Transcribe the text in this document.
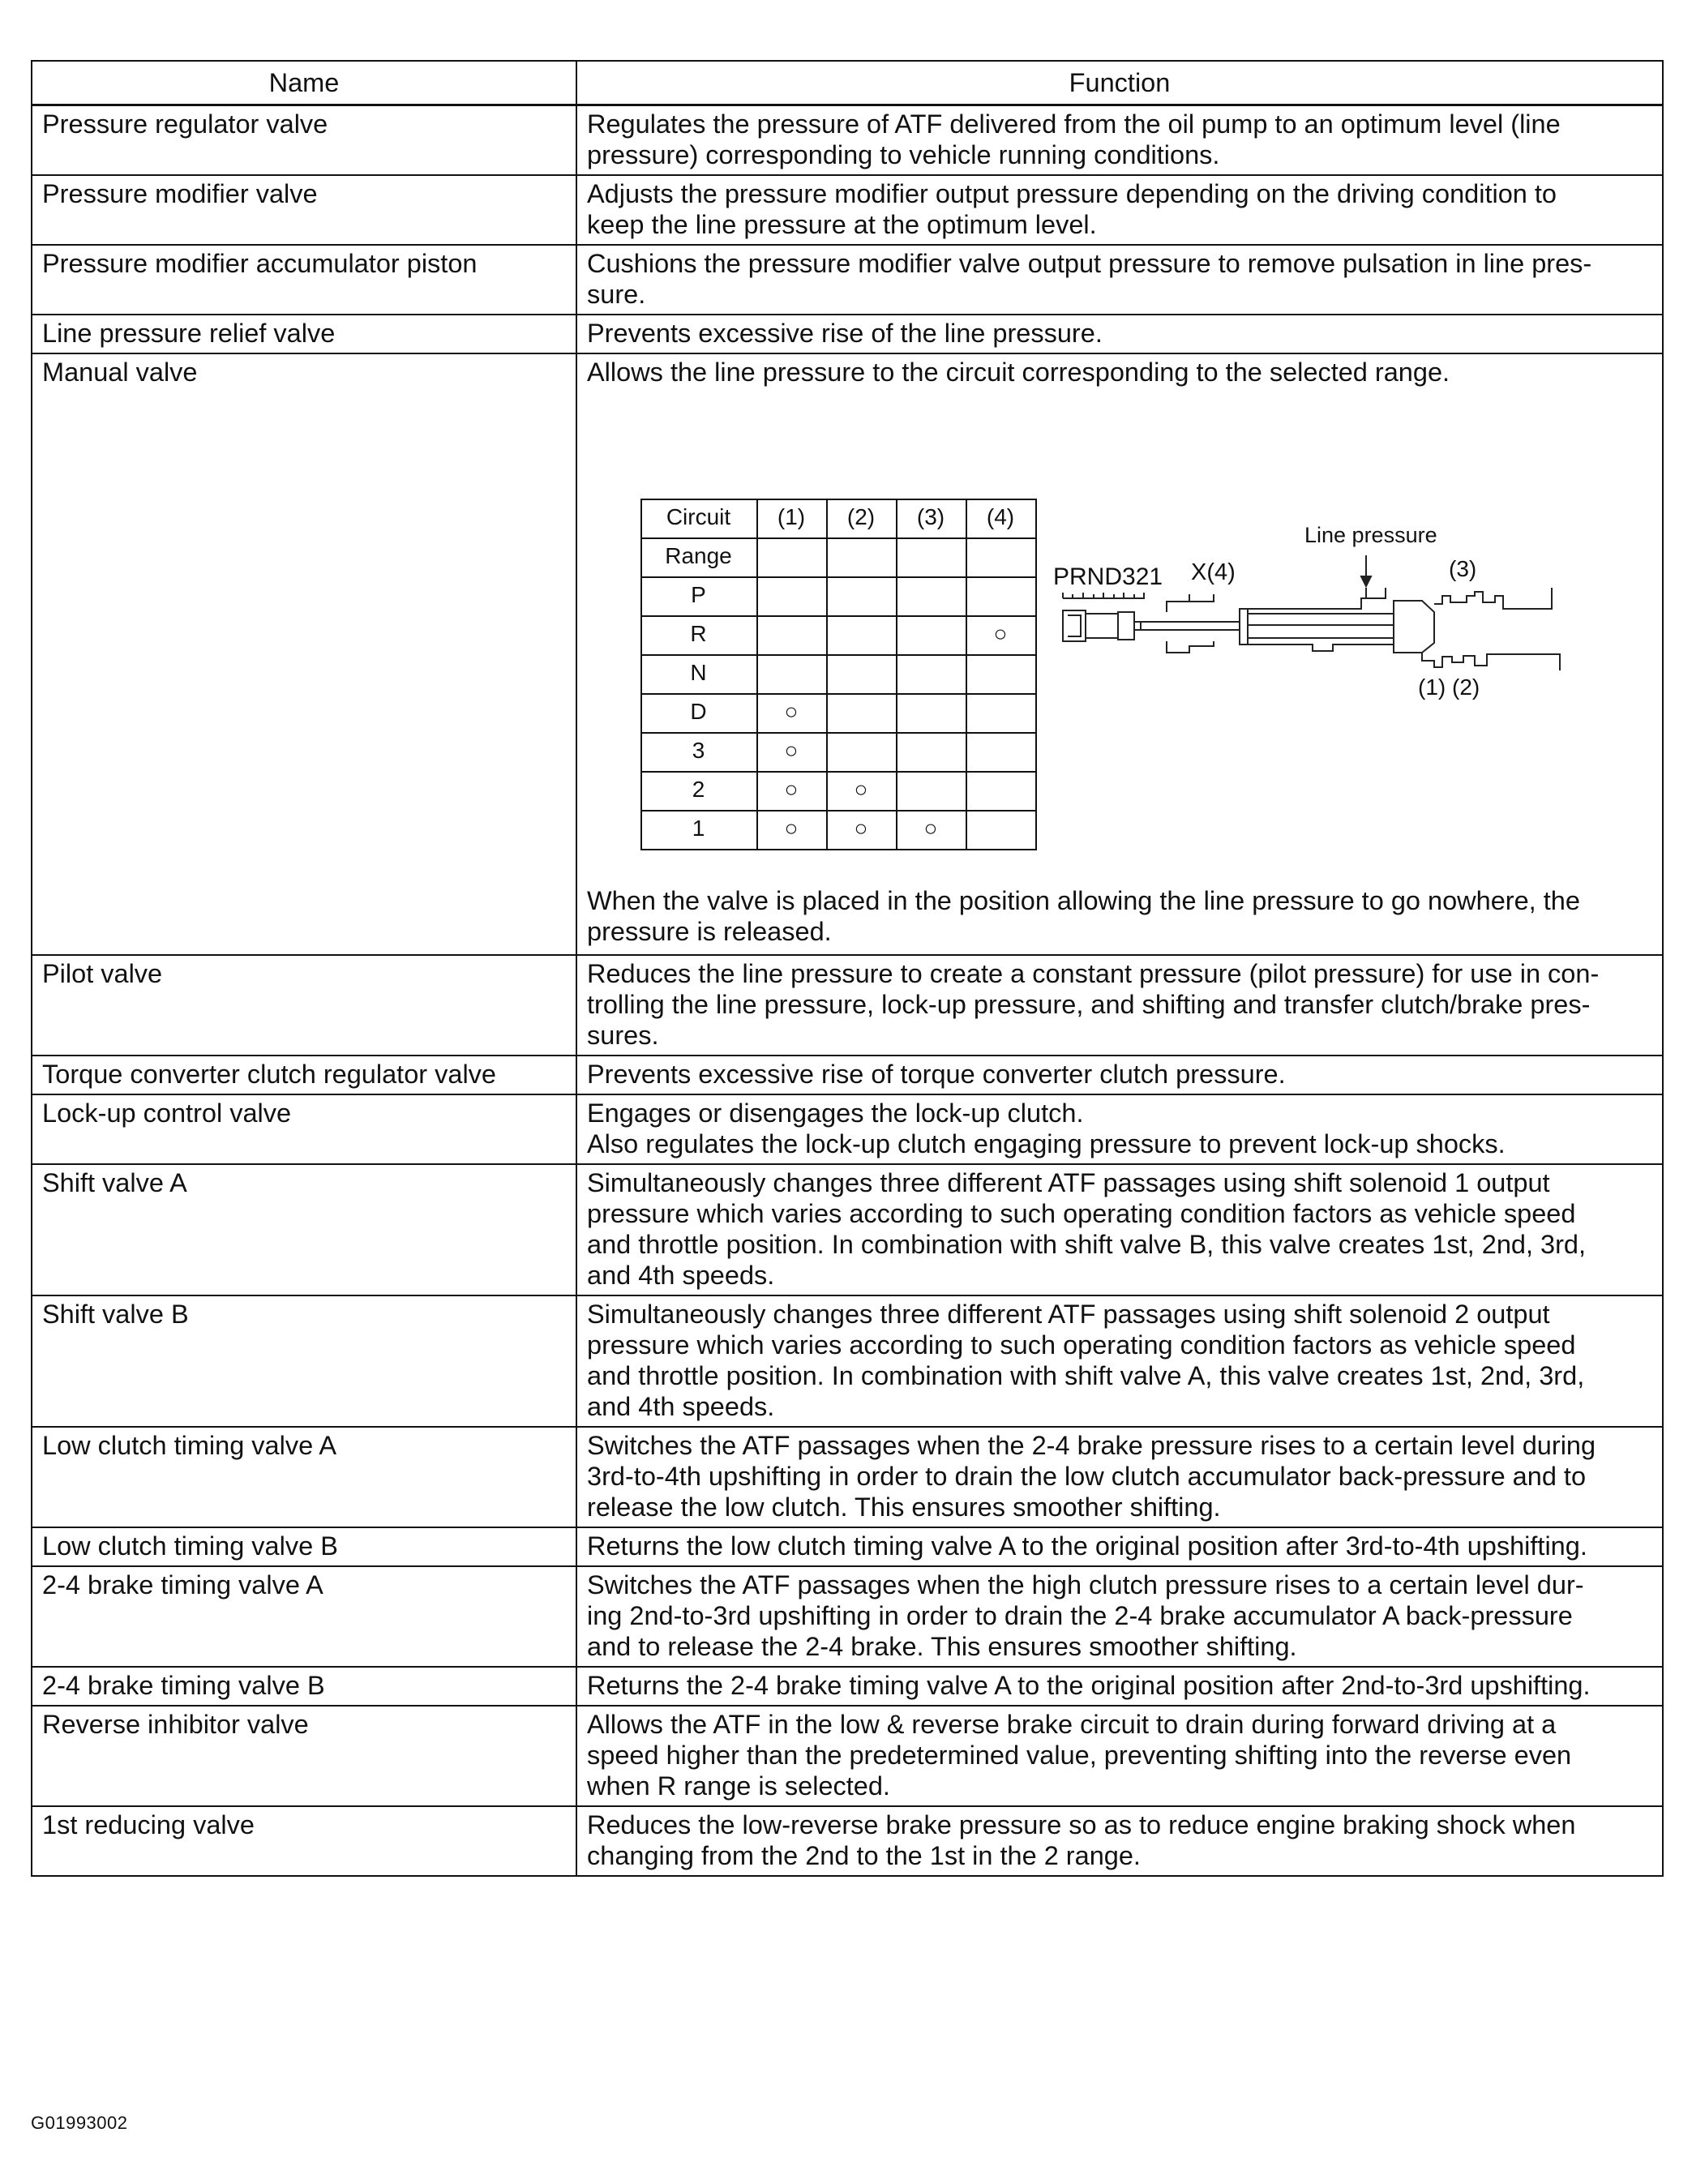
Name	Function
Pressure regulator valve	Regulates the pressure of ATF delivered from the oil pump to an optimum level (line
pressure) corresponding to vehicle running conditions.

Pressure modifier valve	Adjusts the pressure modifier output pressure depending on the driving condition to
keep the line pressure at the optimum level.

Pressure modifier accumulator piston	Cushions the pressure modifier valve output pressure to remove pulsation in line pres-
sure.

Line pressure relief valve	Prevents excessive rise of the line pressure.

Manual valve	Allows the line pressure to the circuit corresponding to the selected range.
Circuit	(1)	(2)	(3)	(4)
Range				
P				
R				○
N				
D	○			
3	○			
2	○	○		
1	○	○	○	
Line pressure
PRND321 X(4)	(3)
(1) (2)
When the valve is placed in the position allowing the line pressure to go nowhere, the
pressure is released.

Pilot valve	Reduces the line pressure to create a constant pressure (pilot pressure) for use in con-
trolling the line pressure, lock-up pressure, and shifting and transfer clutch/brake pres-
sures.

Torque converter clutch regulator valve	Prevents excessive rise of torque converter clutch pressure.

Lock-up control valve	Engages or disengages the lock-up clutch.
Also regulates the lock-up clutch engaging pressure to prevent lock-up shocks.

Shift valve A	Simultaneously changes three different ATF passages using shift solenoid 1 output
pressure which varies according to such operating condition factors as vehicle speed
and throttle position. In combination with shift valve B, this valve creates 1st, 2nd, 3rd,
and 4th speeds.

Shift valve B	Simultaneously changes three different ATF passages using shift solenoid 2 output
pressure which varies according to such operating condition factors as vehicle speed
and throttle position. In combination with shift valve A, this valve creates 1st, 2nd, 3rd,
and 4th speeds.

Low clutch timing valve A	Switches the ATF passages when the 2-4 brake pressure rises to a certain level during
3rd-to-4th upshifting in order to drain the low clutch accumulator back-pressure and to
release the low clutch. This ensures smoother shifting.

Low clutch timing valve B	Returns the low clutch timing valve A to the original position after 3rd-to-4th upshifting.

2-4 brake timing valve A	Switches the ATF passages when the high clutch pressure rises to a certain level dur-
ing 2nd-to-3rd upshifting in order to drain the 2-4 brake accumulator A back-pressure
and to release the 2-4 brake. This ensures smoother shifting.

2-4 brake timing valve B	Returns the 2-4 brake timing valve A to the original position after 2nd-to-3rd upshifting.

Reverse inhibitor valve	Allows the ATF in the low & reverse brake circuit to drain during forward driving at a
speed higher than the predetermined value, preventing shifting into the reverse even
when R range is selected.

1st reducing valve	Reduces the low-reverse brake pressure so as to reduce engine braking shock when
changing from the 2nd to the 1st in the 2 range.
G01993002
